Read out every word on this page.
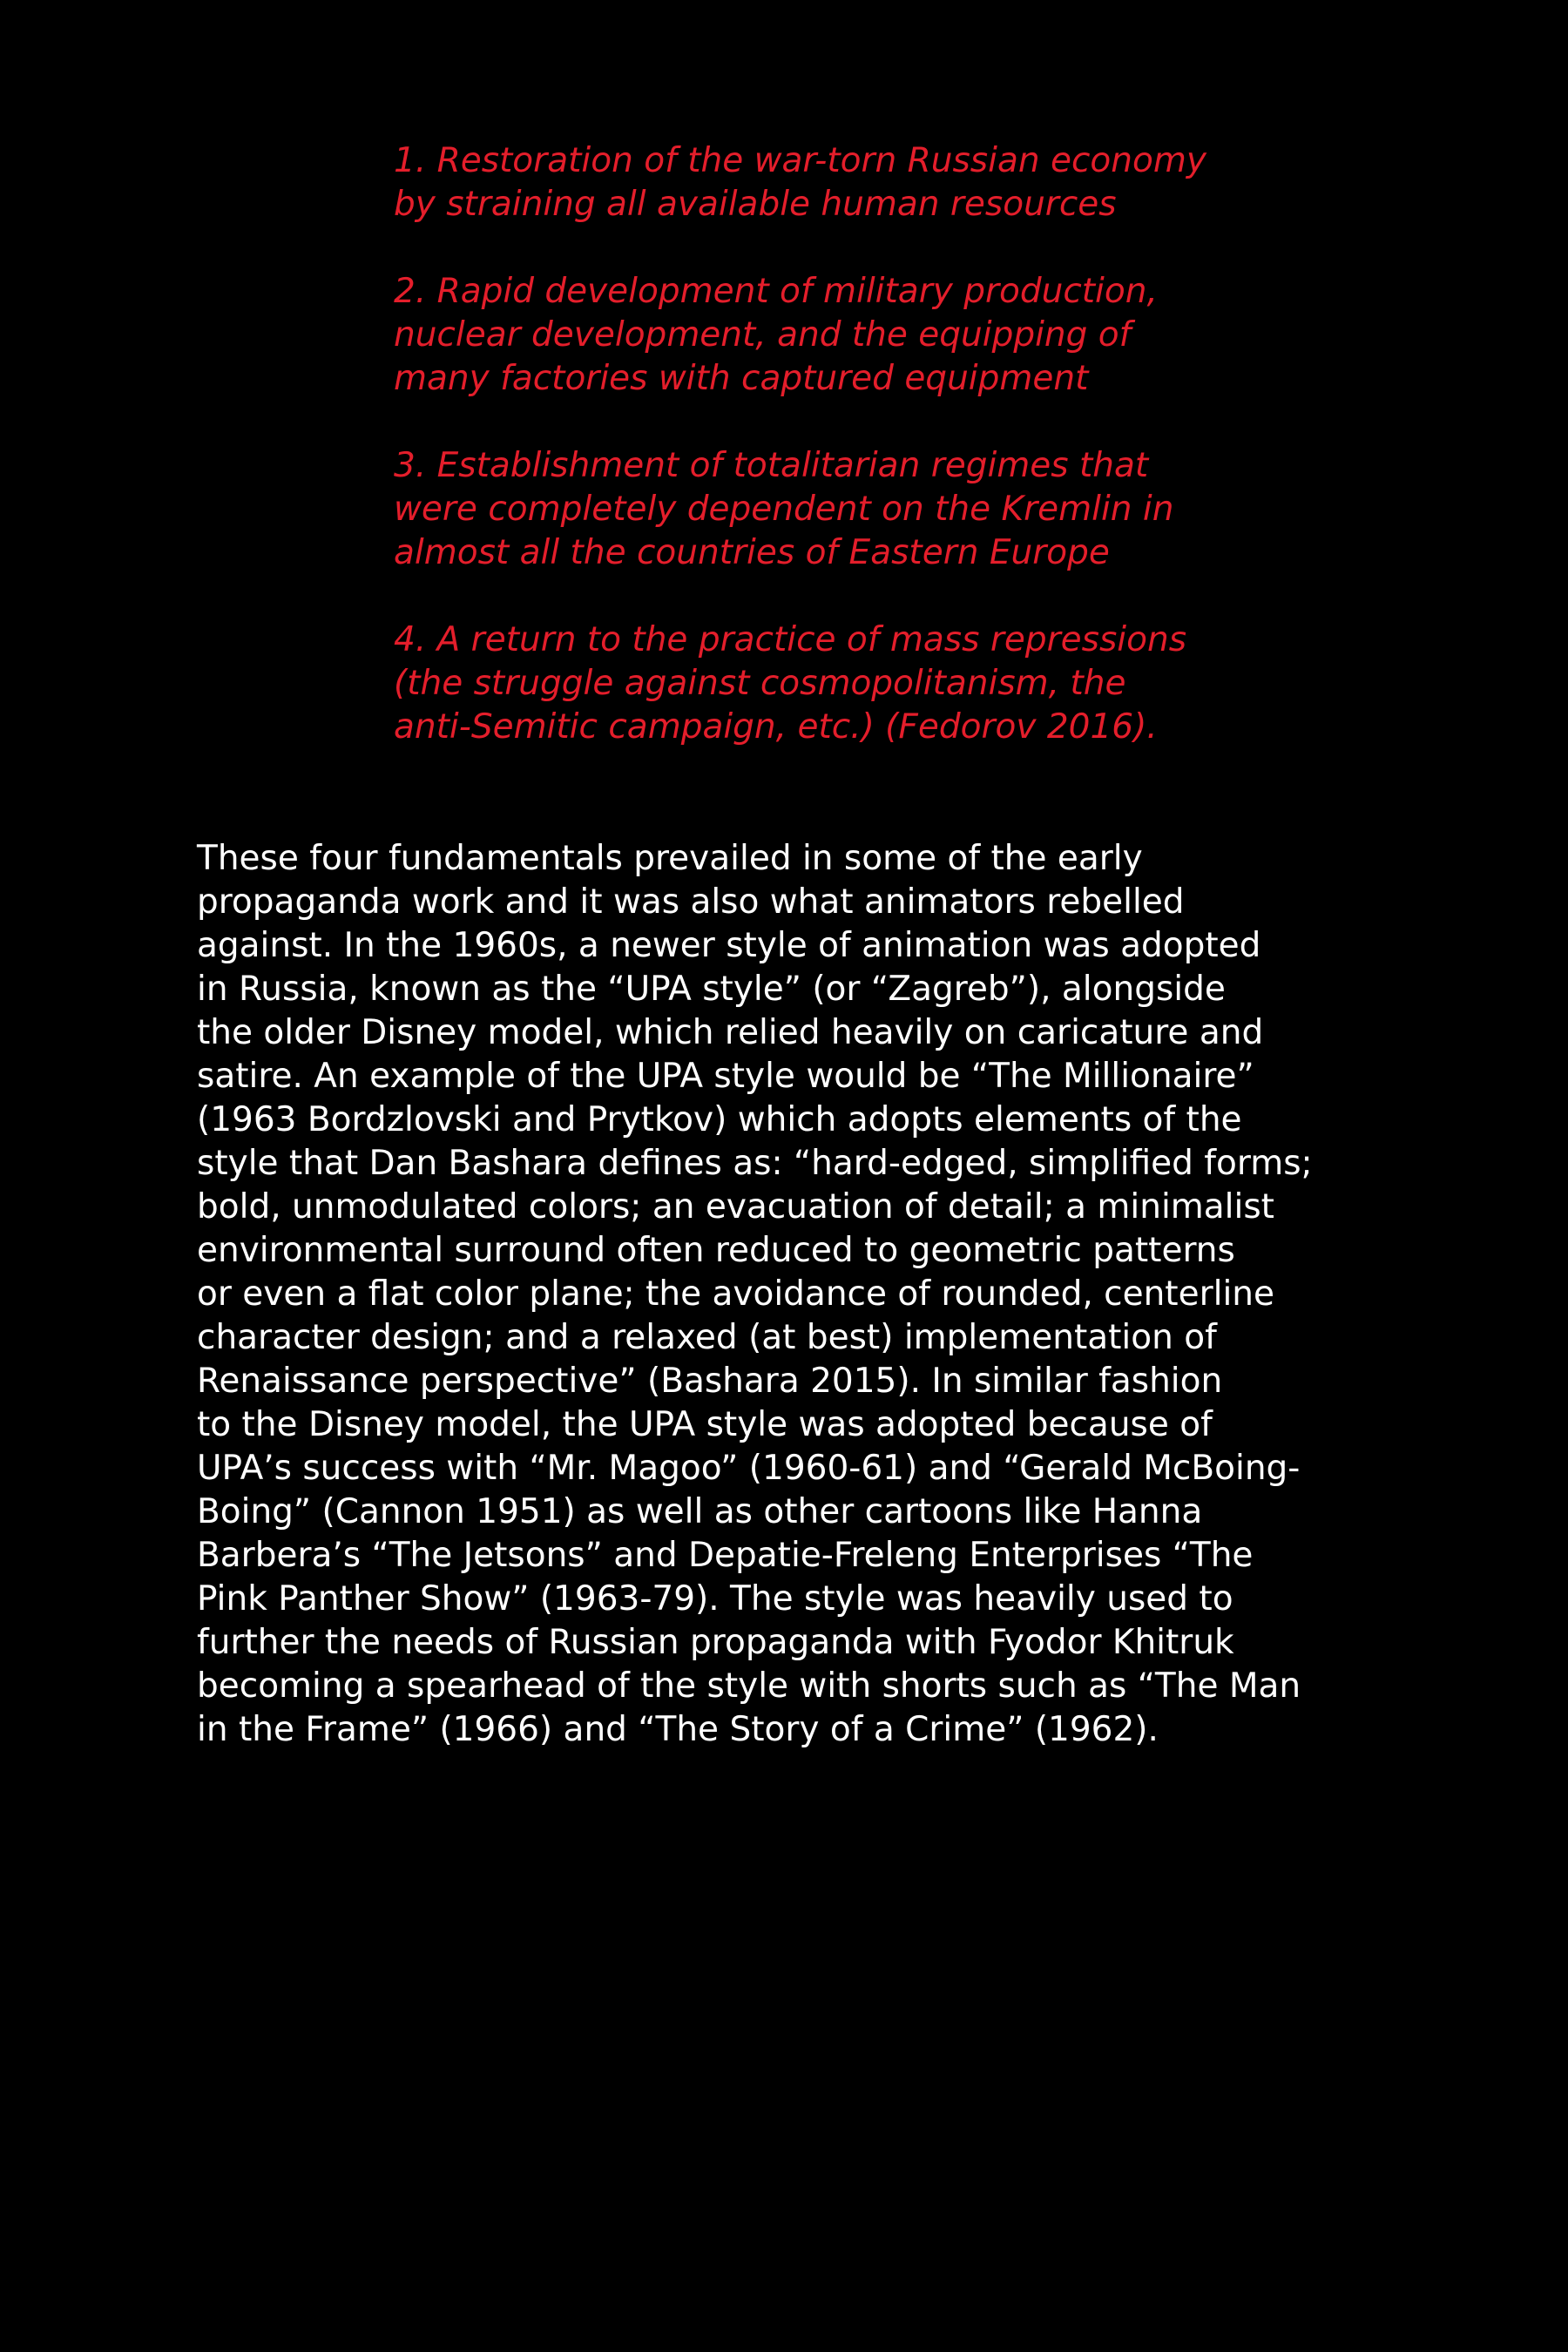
1. Restoration of the war-torn Russian economy
by straining all available human resources
2. Rapid development of military production,
nuclear development, and the equipping of
many factories with captured equipment
3. Establishment of totalitarian regimes that
were completely dependent on the Kremlin in
almost all the countries of Eastern Europe
4. A return to the practice of mass repressions
(the struggle against cosmopolitanism, the
anti-Semitic campaign, etc.) (Fedorov 2016).

These four fundamentals prevailed in some of the early
propaganda work and it was also what animators rebelled
against. In the 1960s, a newer style of animation was adopted
in Russia, known as the “UPA style” (or “Zagreb”), alongside
the older Disney model, which relied heavily on caricature and
satire. An example of the UPA style would be “The Millionaire”
(1963 Bordzlovski and Prytkov) which adopts elements of the
style that Dan Bashara defines as: “hard-edged, simplified forms;
bold, unmodulated colors; an evacuation of detail; a minimalist
environmental surround often reduced to geometric patterns
or even a flat color plane; the avoidance of rounded, centerline
character design; and a relaxed (at best) implementation of
Renaissance perspective” (Bashara 2015). In similar fashion
to the Disney model, the UPA style was adopted because of
UPA’s success with “Mr. Magoo” (1960-61) and “Gerald McBoing-
Boing” (Cannon 1951) as well as other cartoons like Hanna
Barbera’s “The Jetsons” and Depatie-Freleng Enterprises “The
Pink Panther Show” (1963-79). The style was heavily used to
further the needs of Russian propaganda with Fyodor Khitruk
becoming a spearhead of the style with shorts such as “The Man
in the Frame” (1966) and “The Story of a Crime” (1962).
